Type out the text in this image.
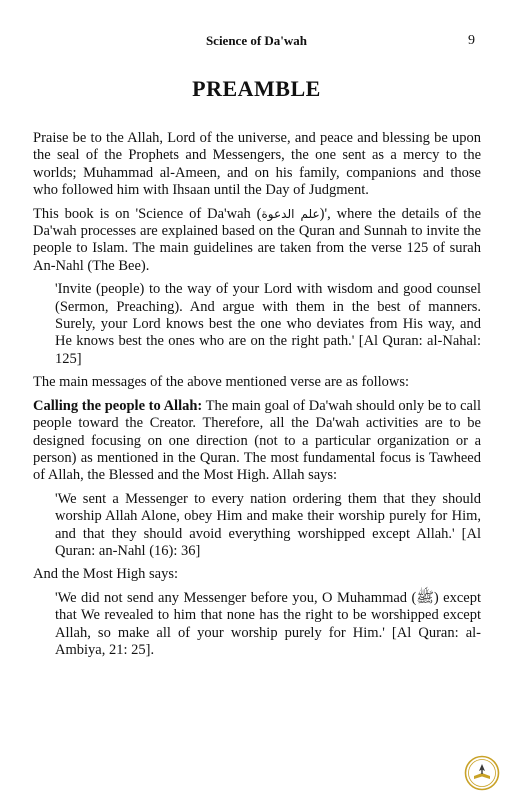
Science of Da'wah	9
PREAMBLE

Praise be to the Allah, Lord of the universe, and peace and blessing be upon the seal of the Prophets and Messengers, the one sent as a mercy to the worlds; Muhammad al-Ameen, and on his family, companions and those who followed him with Ihsaan until the Day of Judgment.

This book is on 'Science of Da'wah (علم الدعوة)', where the details of the Da'wah processes are explained based on the Quran and Sunnah to invite the people to Islam. The main guidelines are taken from the verse 125 of surah An-Nahl (The Bee).

'Invite (people) to the way of your Lord with wisdom and good counsel (Sermon, Preaching). And argue with them in the best of manners. Surely, your Lord knows best the one who deviates from His way, and He knows best the ones who are on the right path.' [Al Quran: al-Nahal: 125]

The main messages of the above mentioned verse are as follows:

Calling the people to Allah: The main goal of Da'wah should only be to call people toward the Creator. Therefore, all the Da'wah activities are to be designed focusing on one direction (not to a particular organization or a person) as mentioned in the Quran. The most fundamental focus is Tawheed of Allah, the Blessed and the Most High. Allah says:

'We sent a Messenger to every nation ordering them that they should worship Allah Alone, obey Him and make their worship purely for Him, and that they should avoid everything worshipped except Allah.' [Al Quran: an-Nahl (16): 36]

And the Most High says:

'We did not send any Messenger before you, O Muhammad (ﷺ) except that We revealed to him that none has the right to be worshipped except Allah, so make all of your worship purely for Him.' [Al Quran: al-Ambiya, 21: 25].
